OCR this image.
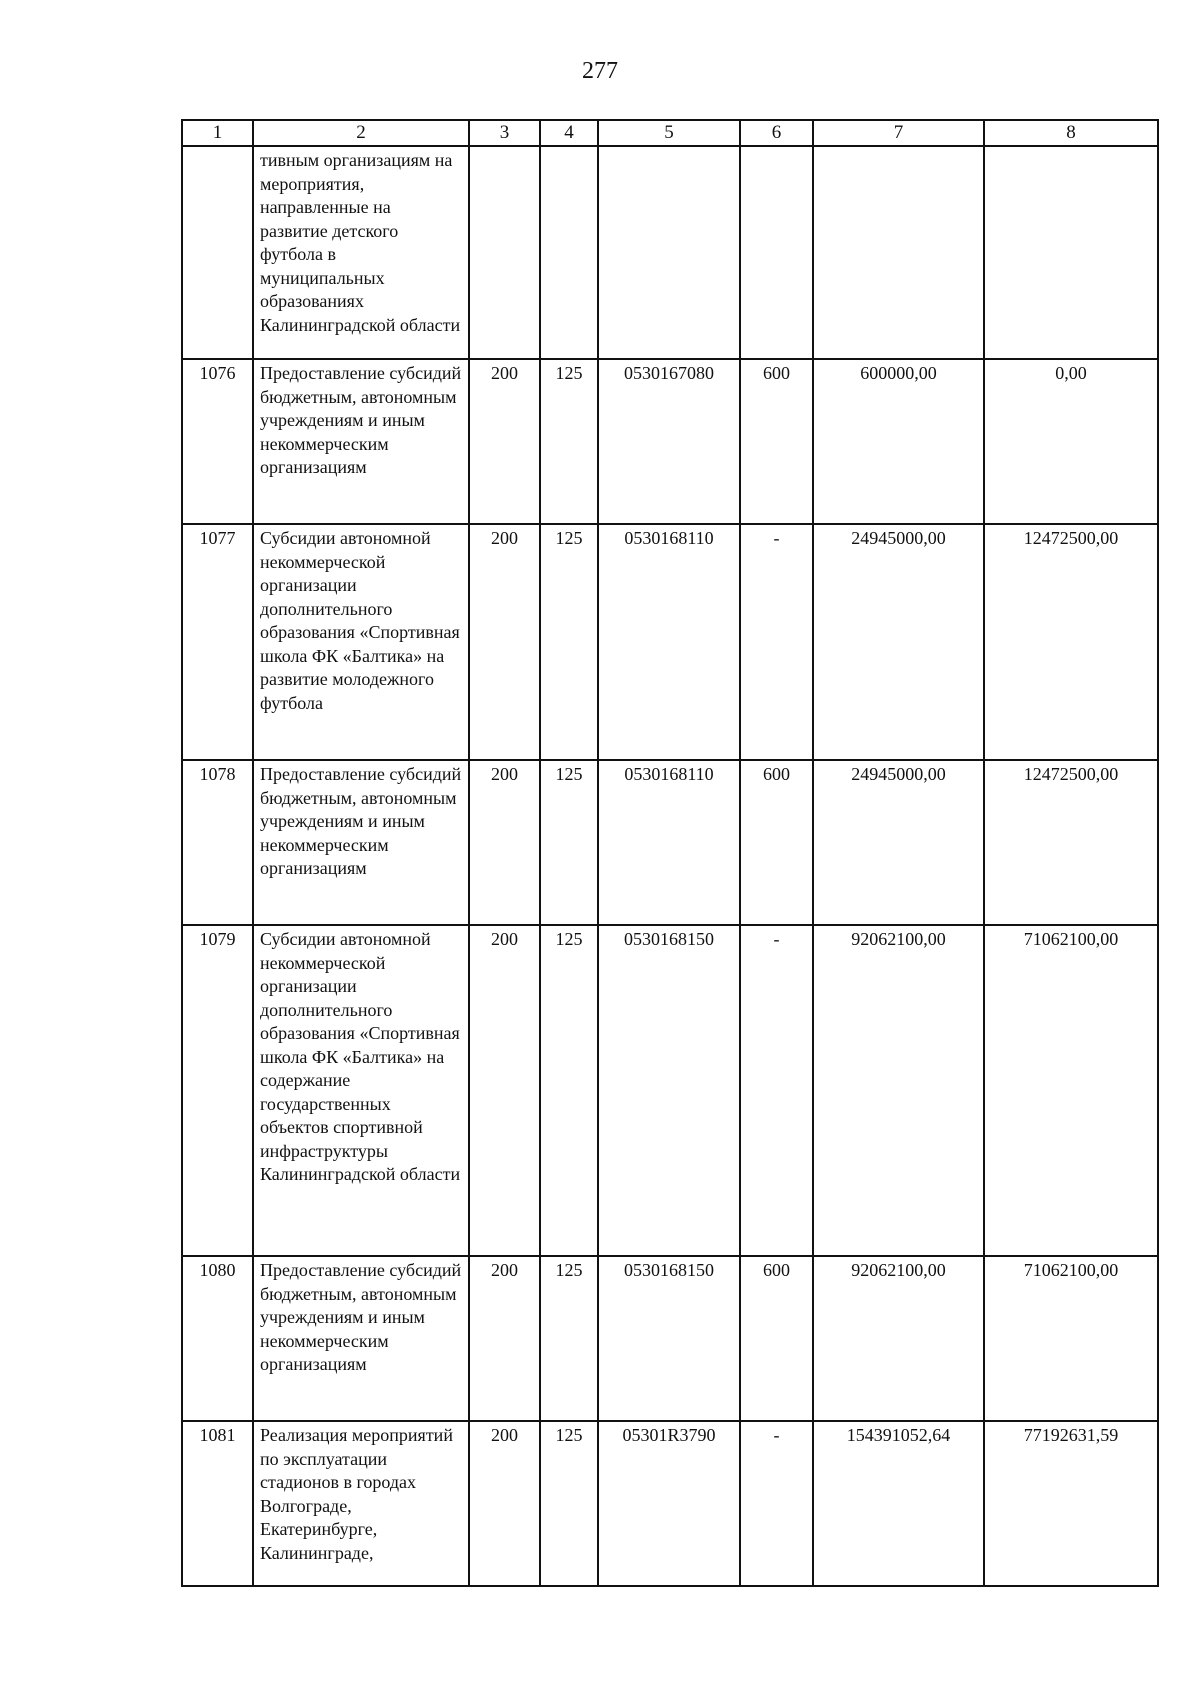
277
1	2	3	4	5	6	7	8
	тивным организациям на мероприятия, направленные на развитие детского футбола в муниципальных образованиях Калининградской области						
1076	Предоставление субсидий бюджетным, автономным учреждениям и иным некоммерческим организациям	200	125	0530167080	600	600000,00	0,00
1077	Субсидии автономной некоммерческой организации дополнительного образования «Спортивная школа ФК «Балтика» на развитие молодежного футбола	200	125	0530168110	-	24945000,00	12472500,00
1078	Предоставление субсидий бюджетным, автономным учреждениям и иным некоммерческим организациям	200	125	0530168110	600	24945000,00	12472500,00
1079	Субсидии автономной некоммерческой организации дополнительного образования «Спортивная школа ФК «Балтика» на содержание государственных объектов спортивной инфраструктуры Калининградской области	200	125	0530168150	-	92062100,00	71062100,00
1080	Предоставление субсидий бюджетным, автономным учреждениям и иным некоммерческим организациям	200	125	0530168150	600	92062100,00	71062100,00
1081	Реализация мероприятий по эксплуатации стадионов в городах Волгограде, Екатеринбурге, Калининграде,	200	125	05301R3790	-	154391052,64	77192631,59
